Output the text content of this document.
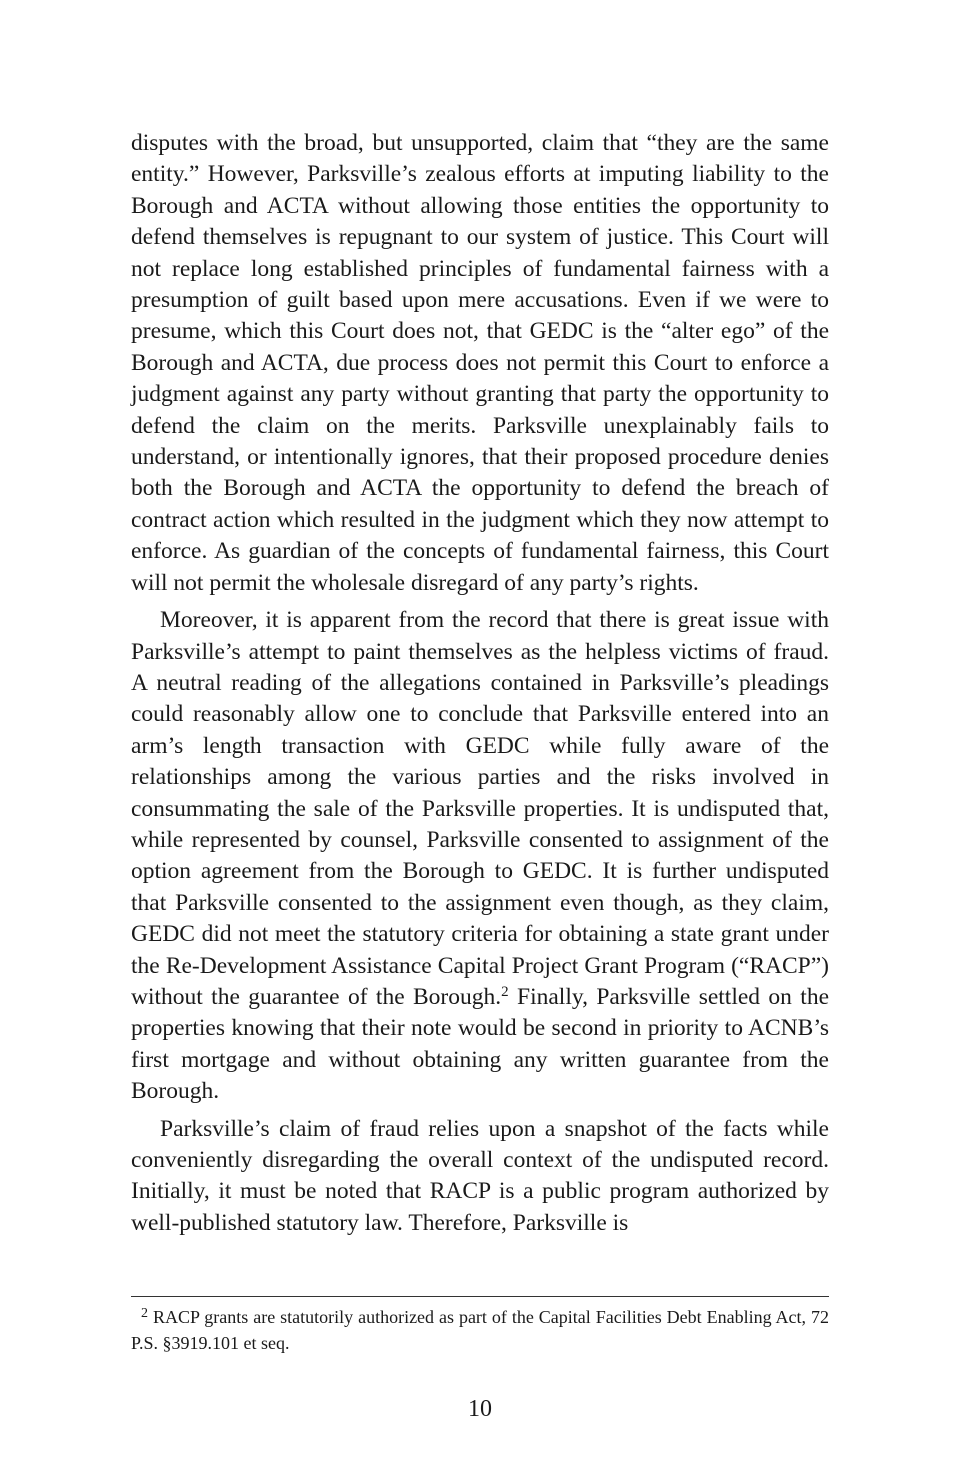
disputes with the broad, but unsupported, claim that “they are the same entity.” However, Parksville’s zealous efforts at imputing liability to the Borough and ACTA without allowing those entities the opportunity to defend themselves is repugnant to our system of justice. This Court will not replace long established principles of fundamental fairness with a presumption of guilt based upon mere accusations. Even if we were to presume, which this Court does not, that GEDC is the “alter ego” of the Borough and ACTA, due process does not permit this Court to enforce a judgment against any party without granting that party the opportunity to defend the claim on the merits. Parksville unexplainably fails to understand, or intentionally ignores, that their proposed procedure denies both the Borough and ACTA the opportunity to defend the breach of contract action which resulted in the judgment which they now attempt to enforce. As guardian of the concepts of fundamental fairness, this Court will not permit the wholesale disregard of any party’s rights.

Moreover, it is apparent from the record that there is great issue with Parksville’s attempt to paint themselves as the helpless victims of fraud. A neutral reading of the allegations contained in Parksville’s pleadings could reasonably allow one to conclude that Parksville entered into an arm’s length transaction with GEDC while fully aware of the relationships among the various parties and the risks involved in consummating the sale of the Parksville properties. It is undisputed that, while represented by counsel, Parksville consented to assignment of the option agreement from the Borough to GEDC. It is further undisputed that Parksville consented to the assignment even though, as they claim, GEDC did not meet the statutory criteria for obtaining a state grant under the Re-Development Assistance Capital Project Grant Program (“RACP”) without the guarantee of the Borough.$^2$ Finally, Parksville settled on the properties knowing that their note would be second in priority to ACNB’s first mortgage and without obtaining any written guarantee from the Borough.

Parksville’s claim of fraud relies upon a snapshot of the facts while conveniently disregarding the overall context of the undisputed record. Initially, it must be noted that RACP is a public program authorized by well-published statutory law. Therefore, Parksville is

$^2$ RACP grants are statutorily authorized as part of the Capital Facilities Debt Enabling Act, 72 P.S. §3919.101 et seq.

10
